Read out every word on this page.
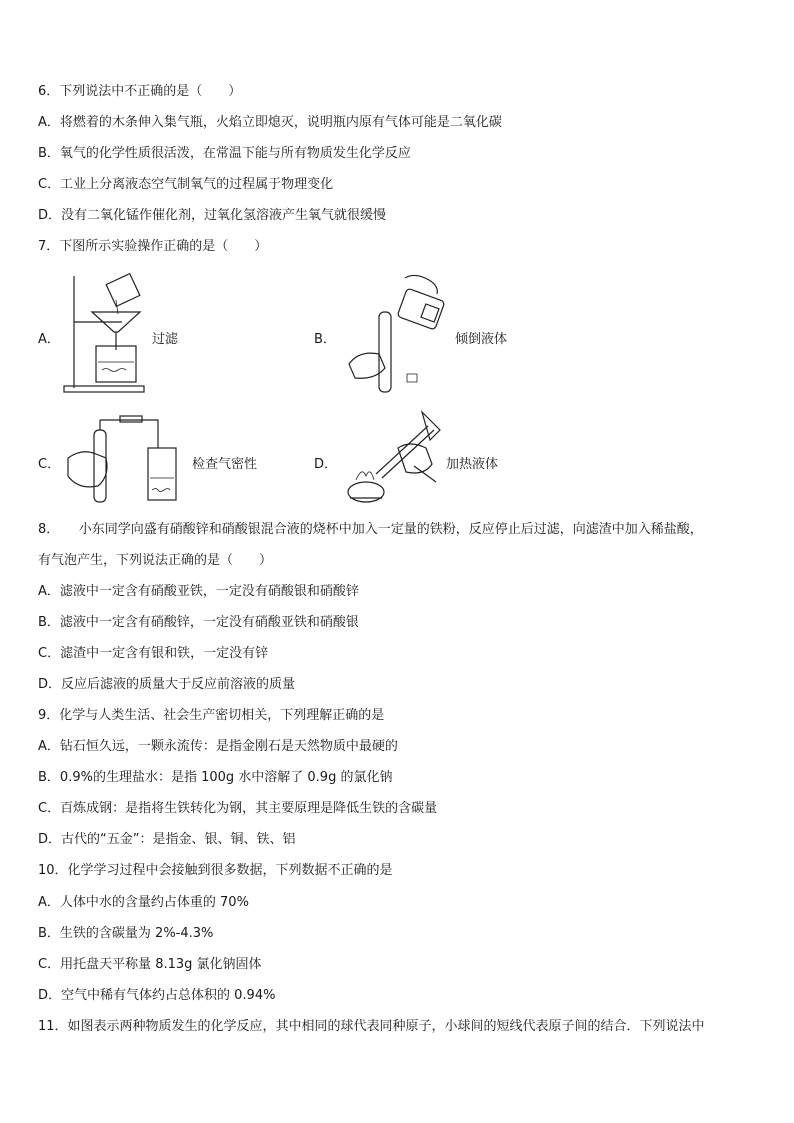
6．下列说法中不正确的是（　　）
A．将燃着的木条伸入集气瓶，火焰立即熄灭，说明瓶内原有气体可能是二氧化碳
B．氧气的化学性质很活泼，在常温下能与所有物质发生化学反应
C．工业上分离液态空气制氧气的过程属于物理变化
D．没有二氧化锰作催化剂，过氧化氢溶液产生氧气就很缓慢
7．下图所示实验操作正确的是（　　）
A．	过滤	B．	倾倒液体
C．	检查气密性	D．	加热液体
8．　　小东同学向盛有硝酸锌和硝酸银混合液的烧杯中加入一定量的铁粉，反应停止后过滤，向滤渣中加入稀盐酸，
有气泡产生，下列说法正确的是（　　）
A．滤液中一定含有硝酸亚铁，一定没有硝酸银和硝酸锌
B．滤液中一定含有硝酸锌，一定没有硝酸亚铁和硝酸银
C．滤渣中一定含有银和铁，一定没有锌
D．反应后滤液的质量大于反应前溶液的质量
9．化学与人类生活、社会生产密切相关，下列理解正确的是
A．钻石恒久远，一颗永流传：是指金刚石是天然物质中最硬的
B．0.9%的生理盐水：是指 100g 水中溶解了 0.9g 的氯化钠
C．百炼成钢：是指将生铁转化为钢，其主要原理是降低生铁的含碳量
D．古代的“五金”：是指金、银、铜、铁、铝
10．化学学习过程中会接触到很多数据，下列数据不正确的是
A．人体中水的含量约占体重的 70%
B．生铁的含碳量为 2%-4.3%
C．用托盘天平称量 8.13g 氯化钠固体
D．空气中稀有气体约占总体积的 0.94%
11．如图表示两种物质发生的化学反应，其中相同的球代表同种原子，小球间的短线代表原子间的结合．下列说法中
